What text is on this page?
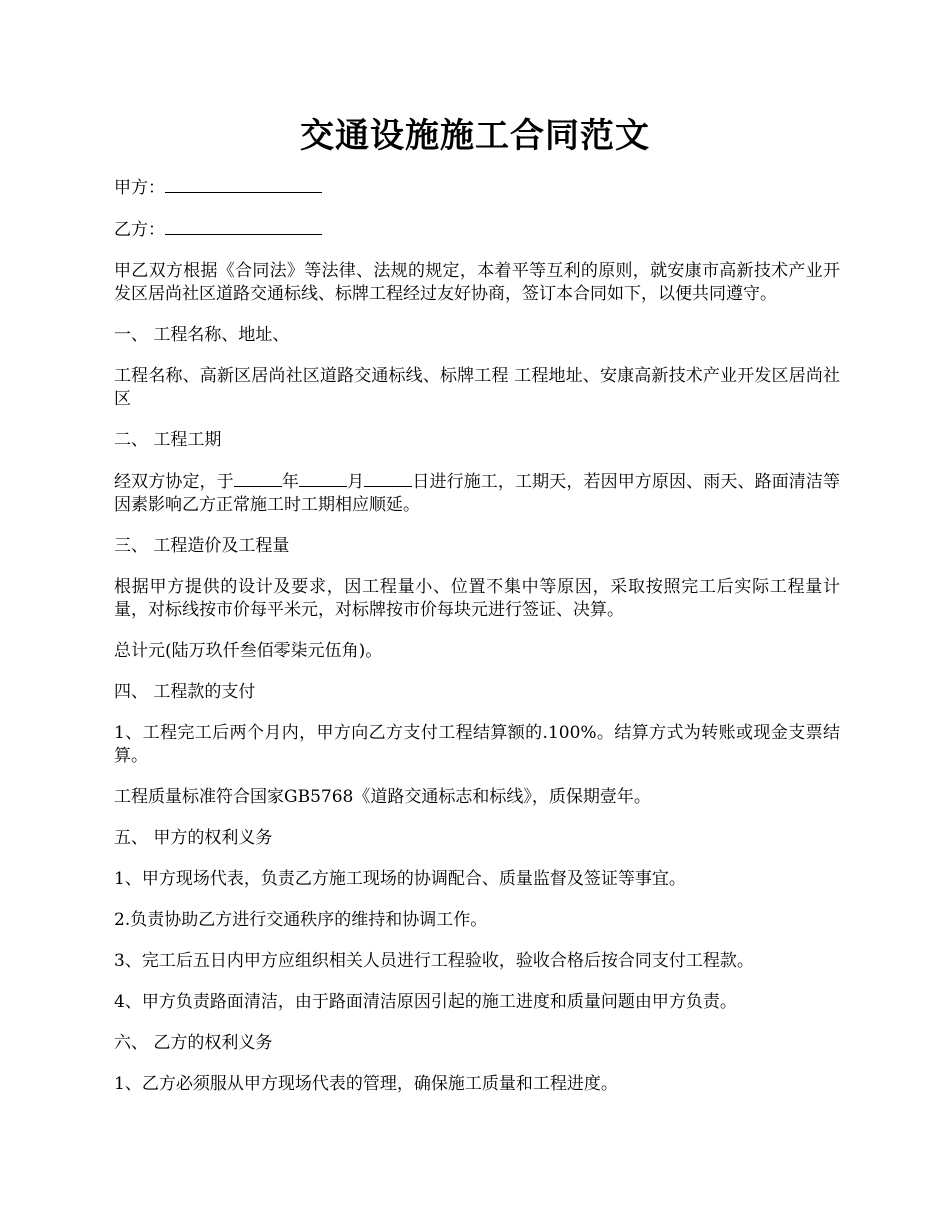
交通设施施工合同范文

甲方：

乙方：

甲乙双方根据《合同法》等法律、法规的规定，本着平等互利的原则，就安康市高新技术产业开发区居尚社区道路交通标线、标牌工程经过友好协商，签订本合同如下，以便共同遵守。

一、 工程名称、地址、

工程名称、高新区居尚社区道路交通标线、标牌工程 工程地址、安康高新技术产业开发区居尚社区

二、 工程工期

经双方协定，于	年	月	日进行施工，工期天，若因甲方原因、雨天、路面清洁等因素影响乙方正常施工时工期相应顺延。

三、 工程造价及工程量

根据甲方提供的设计及要求，因工程量小、位置不集中等原因，采取按照完工后实际工程量计量，对标线按市价每平米元，对标牌按市价每块元进行签证、决算。

总计元(陆万玖仟叁佰零柒元伍角)。

四、 工程款的支付

1、工程完工后两个月内，甲方向乙方支付工程结算额的.100%。结算方式为转账或现金支票结算。

工程质量标准符合国家GB5768《道路交通标志和标线》，质保期壹年。

五、 甲方的权利义务

1、甲方现场代表，负责乙方施工现场的协调配合、质量监督及签证等事宜。

2.负责协助乙方进行交通秩序的维持和协调工作。

3、完工后五日内甲方应组织相关人员进行工程验收，验收合格后按合同支付工程款。

4、甲方负责路面清洁，由于路面清洁原因引起的施工进度和质量问题由甲方负责。

六、 乙方的权利义务

1、乙方必须服从甲方现场代表的管理，确保施工质量和工程进度。
